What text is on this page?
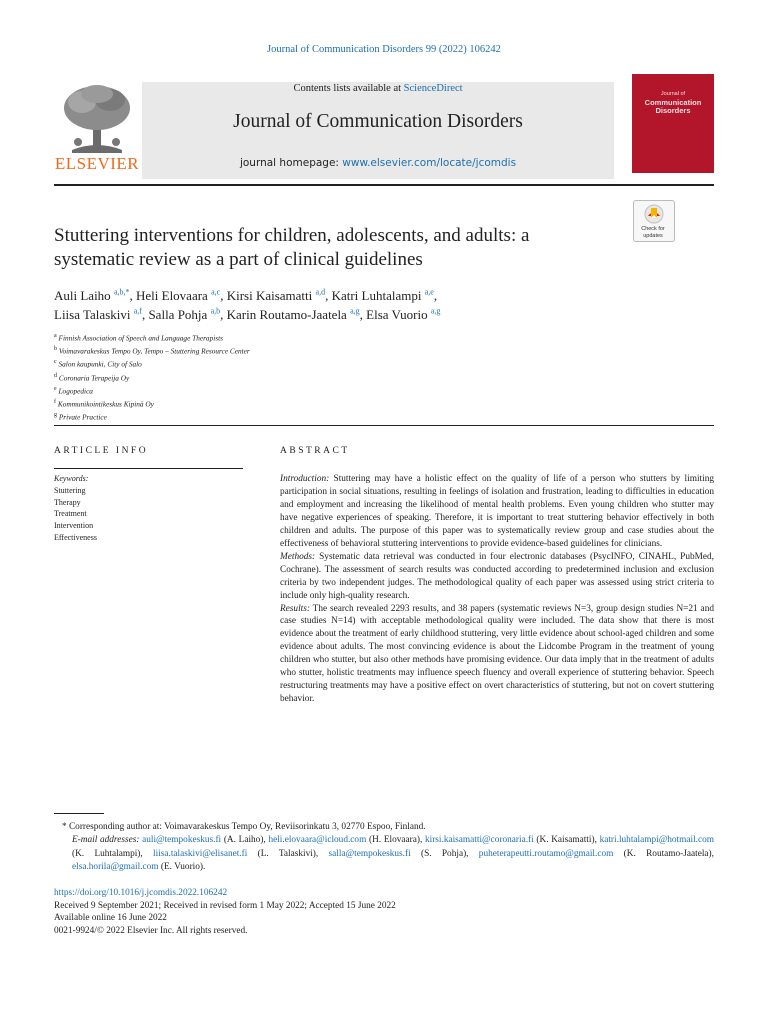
Journal of Communication Disorders 99 (2022) 106242
Contents lists available at ScienceDirect
Journal of Communication Disorders
journal homepage: www.elsevier.com/locate/jcomdis
ELSEVIER
Journal of
Communication
Disorders
Stuttering interventions for children, adolescents, and adults: a
systematic review as a part of clinical guidelines
Check for
updates
Auli Laiho $^{a,b,*}$, Heli Elovaara $^{a,c}$, Kirsi Kaisamatti $^{a,d}$, Katri Luhtalampi $^{a,e}$,
Liisa Talaskivi $^{a,f}$, Salla Pohja $^{a,b}$, Karin Routamo-Jaatela $^{a,g}$, Elsa Vuorio $^{a,g}$
$^a$ Finnish Association of Speech and Language Therapists
$^b$ Voimavarakeskus Tempo Oy, Tempo – Stuttering Resource Center
$^c$ Salon kaupunki, City of Salo
$^d$ Coronaria Terapeija Oy
$^e$ Logopedica
$^f$ Kommunikointikeskus Kipinä Oy
$^g$ Private Practice
ARTICLE INFO	ABSTRACT
Keywords:
Stuttering
Therapy
Treatment
Intervention
Effectiveness
Introduction: Stuttering may have a holistic effect on the quality of life of a person who stutters by limiting participation in social situations, resulting in feelings of isolation and frustration, leading to difficulties in education and employment and increasing the likelihood of mental health problems. Even young children who stutter may have negative experiences of speaking. Therefore, it is important to treat stuttering behavior effectively in both children and adults. The purpose of this paper was to systematically review group and case studies about the effectiveness of behavioral stuttering interventions to provide evidence-based guidelines for clinicians.
Methods: Systematic data retrieval was conducted in four electronic databases (PsycINFO, CINAHL, PubMed, Cochrane). The assessment of search results was conducted according to predetermined inclusion and exclusion criteria by two independent judges. The methodological quality of each paper was assessed using strict criteria to include only high-quality research.
Results: The search revealed 2293 results, and 38 papers (systematic reviews N=3, group design studies N=21 and case studies N=14) with acceptable methodological quality were included. The data show that there is most evidence about the treatment of early childhood stuttering, very little evidence about school-aged children and some evidence about adults. The most convincing evidence is about the Lidcombe Program in the treatment of young children who stutter, but also other methods have promising evidence. Our data imply that in the treatment of adults who stutter, holistic treatments may influence speech fluency and overall experience of stuttering behavior. Speech restructuring treatments may have a positive effect on overt characteristics of stuttering, but not on covert stuttering behavior.
* Corresponding author at: Voimavarakeskus Tempo Oy, Reviisorinkatu 3, 02770 Espoo, Finland.
E-mail addresses: auli@tempokeskus.fi (A. Laiho), heli.elovaara@icloud.com (H. Elovaara), kirsi.kaisamatti@coronaria.fi (K. Kaisamatti), katri.luhtalampi@hotmail.com (K. Luhtalampi), liisa.talaskivi@elisanet.fi (L. Talaskivi), salla@tempokeskus.fi (S. Pohja), puheterapeutti.routamo@gmail.com (K. Routamo-Jaatela), elsa.horila@gmail.com (E. Vuorio).
https://doi.org/10.1016/j.jcomdis.2022.106242
Received 9 September 2021; Received in revised form 1 May 2022; Accepted 15 June 2022
Available online 16 June 2022
0021-9924/© 2022 Elsevier Inc. All rights reserved.
